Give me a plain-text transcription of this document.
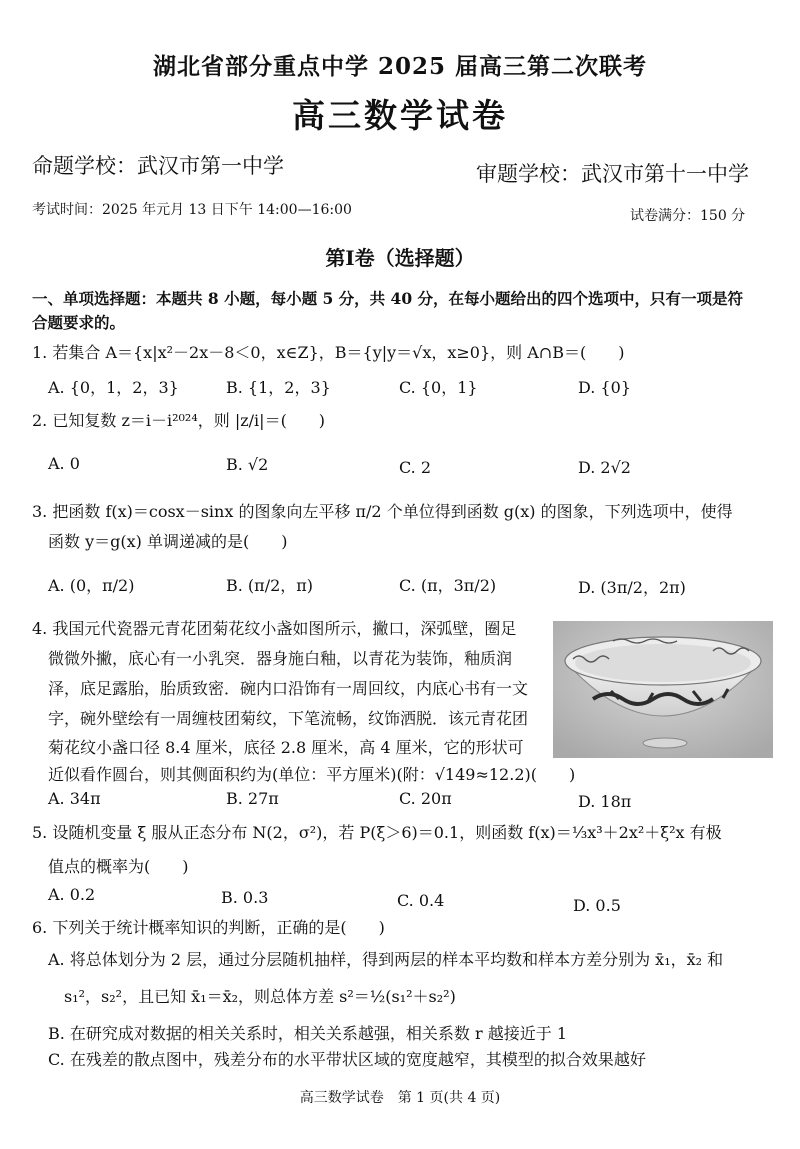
湖北省部分重点中学 2025 届高三第二次联考
高三数学试卷
命题学校：武汉市第一中学	审题学校：武汉市第十一中学
考试时间：2025 年元月 13 日下午 14:00—16:00	试卷满分：150 分
第Ⅰ卷（选择题）
一、单项选择题：本题共 8 小题，每小题 5 分，共 40 分，在每小题给出的四个选项中，只有一项是符
合题要求的。
1. 若集合 A＝{x|x²－2x－8＜0，x∈Z}，B＝{y|y＝√x，x≥0}，则 A∩B＝(　　)
A. {0，1，2，3}	B. {1，2，3}	C. {0，1}	D. {0}
2. 已知复数 z＝i－i²⁰²⁴，则 |z/i|＝(　　)
A. 0	B. √2	C. 2	D. 2√2
3. 把函数 f(x)＝cosx－sinx 的图象向左平移 π/2 个单位得到函数 g(x) 的图象，下列选项中，使得
函数 y＝g(x) 单调递减的是(　　)
A. (0，π/2)	B. (π/2，π)	C. (π，3π/2)	D. (3π/2，2π)
4. 我国元代瓷器元青花团菊花纹小盏如图所示，撇口，深弧壁，圈足
微微外撇，底心有一小乳突．器身施白釉，以青花为装饰，釉质润
泽，底足露胎，胎质致密．碗内口沿饰有一周回纹，内底心书有一文
字，碗外壁绘有一周缠枝团菊纹，下笔流畅，纹饰洒脱．该元青花团
菊花纹小盏口径 8.4 厘米，底径 2.8 厘米，高 4 厘米，它的形状可
近似看作圆台，则其侧面积约为(单位：平方厘米)(附：√149≈12.2)(　　)
A. 34π	B. 27π	C. 20π	D. 18π
5. 设随机变量 ξ 服从正态分布 N(2，σ²)，若 P(ξ＞6)＝0.1，则函数 f(x)＝⅓x³＋2x²＋ξ²x 有极
值点的概率为(　　)
A. 0.2	B. 0.3	C. 0.4	D. 0.5
6. 下列关于统计概率知识的判断，正确的是(　　)
A. 将总体划分为 2 层，通过分层随机抽样，得到两层的样本平均数和样本方差分别为 x̄₁，x̄₂ 和
s₁²，s₂²，且已知 x̄₁＝x̄₂，则总体方差 s²＝½(s₁²＋s₂²)
B. 在研究成对数据的相关关系时，相关关系越强，相关系数 r 越接近于 1
C. 在残差的散点图中，残差分布的水平带状区域的宽度越窄，其模型的拟合效果越好
高三数学试卷　第 1 页(共 4 页)
